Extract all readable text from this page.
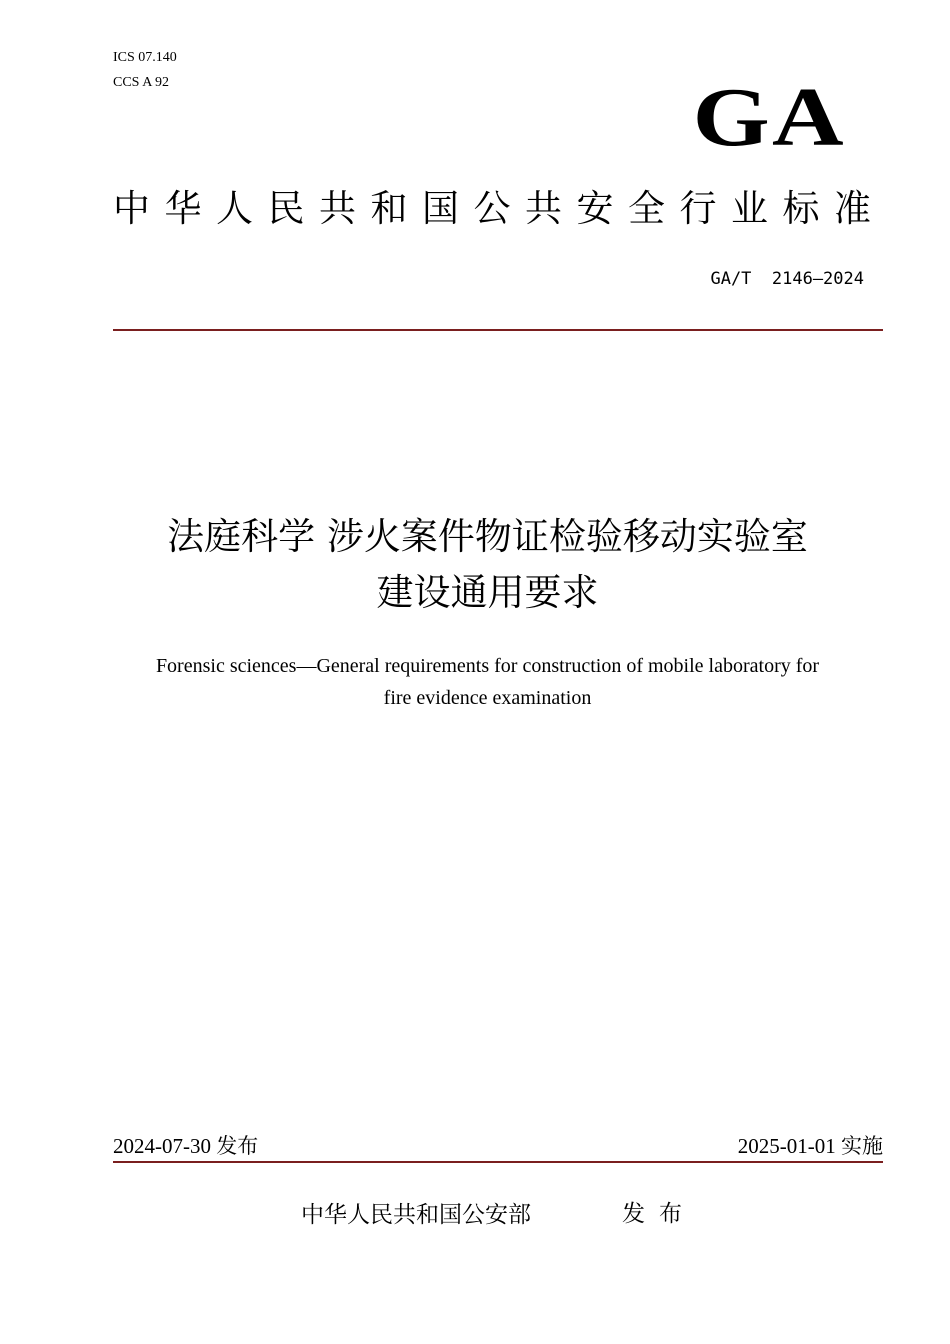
ICS 07.140
CCS A 92	GA
中华人民共和国公共安全行业标准
GA/T  2146—2024
法庭科学 涉火案件物证检验移动实验室
建设通用要求
Forensic sciences—General requirements for construction of mobile laboratory for
fire evidence examination
2024-07-30 发布	2025-01-01 实施
中华人民共和国公安部	发布
